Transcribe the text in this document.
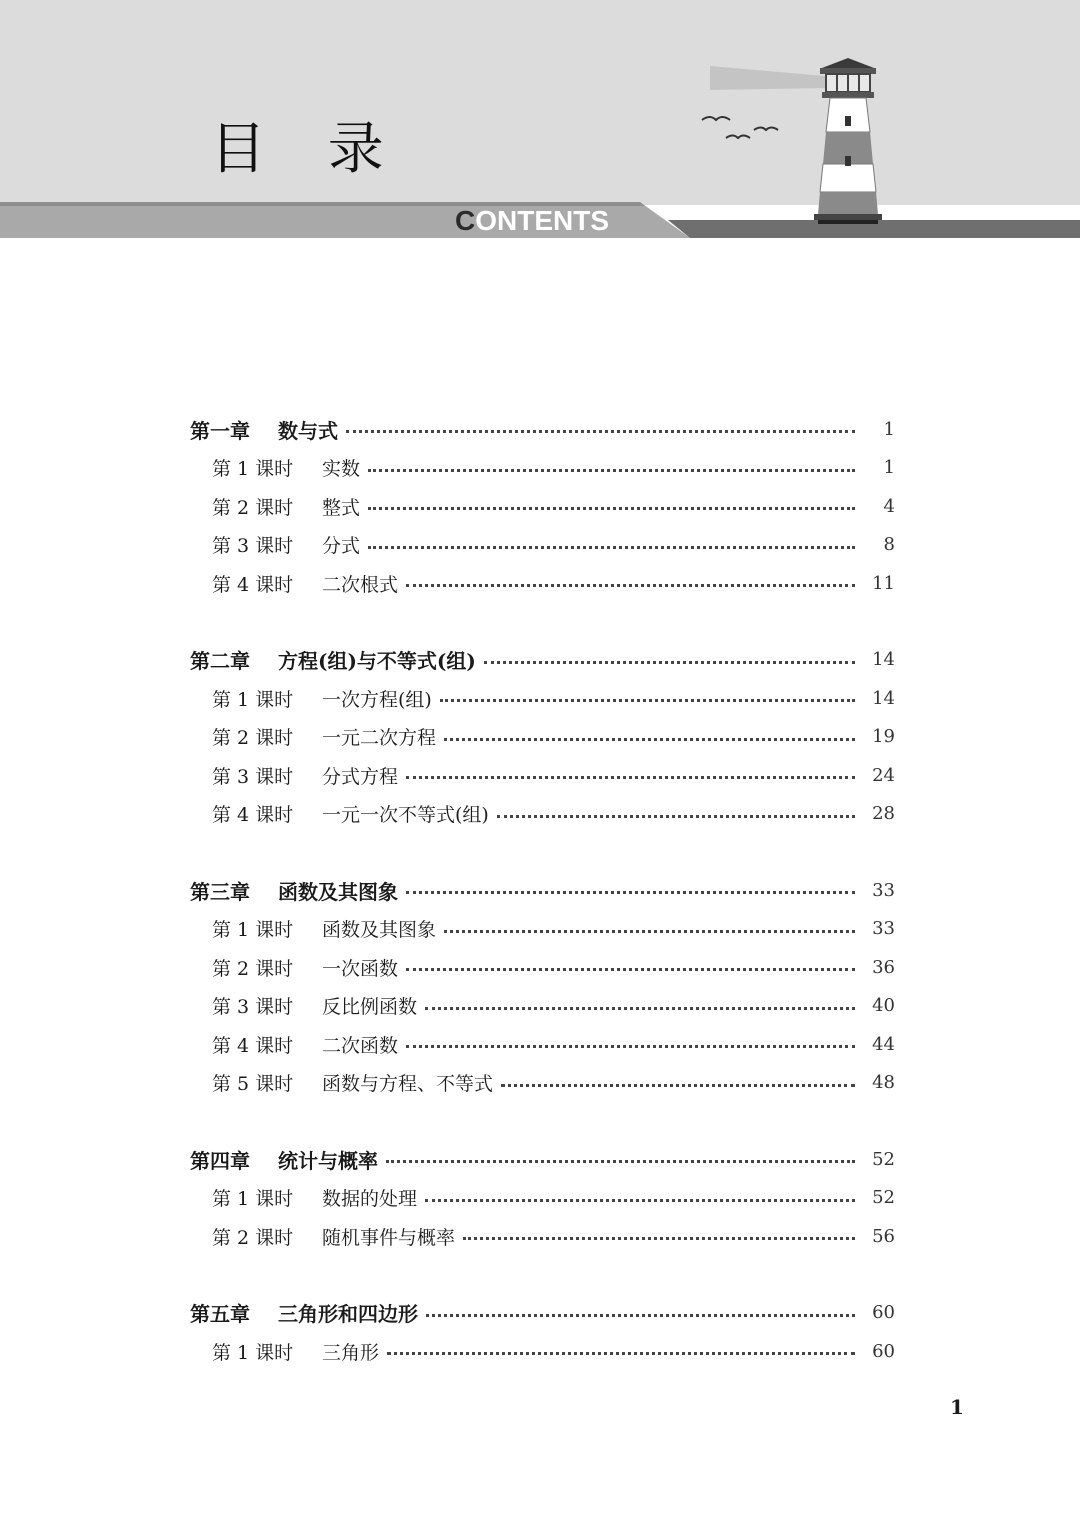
目 录
CONTENTS
第一章	数与式	1
第 1 课时	实数	1
第 2 课时	整式	4
第 3 课时	分式	8
第 4 课时	二次根式	11
第二章	方程(组)与不等式(组)	14
第 1 课时	一次方程(组)	14
第 2 课时	一元二次方程	19
第 3 课时	分式方程	24
第 4 课时	一元一次不等式(组)	28
第三章	函数及其图象	33
第 1 课时	函数及其图象	33
第 2 课时	一次函数	36
第 3 课时	反比例函数	40
第 4 课时	二次函数	44
第 5 课时	函数与方程、不等式	48
第四章	统计与概率	52
第 1 课时	数据的处理	52
第 2 课时	随机事件与概率	56
第五章	三角形和四边形	60
第 1 课时	三角形	60
1
